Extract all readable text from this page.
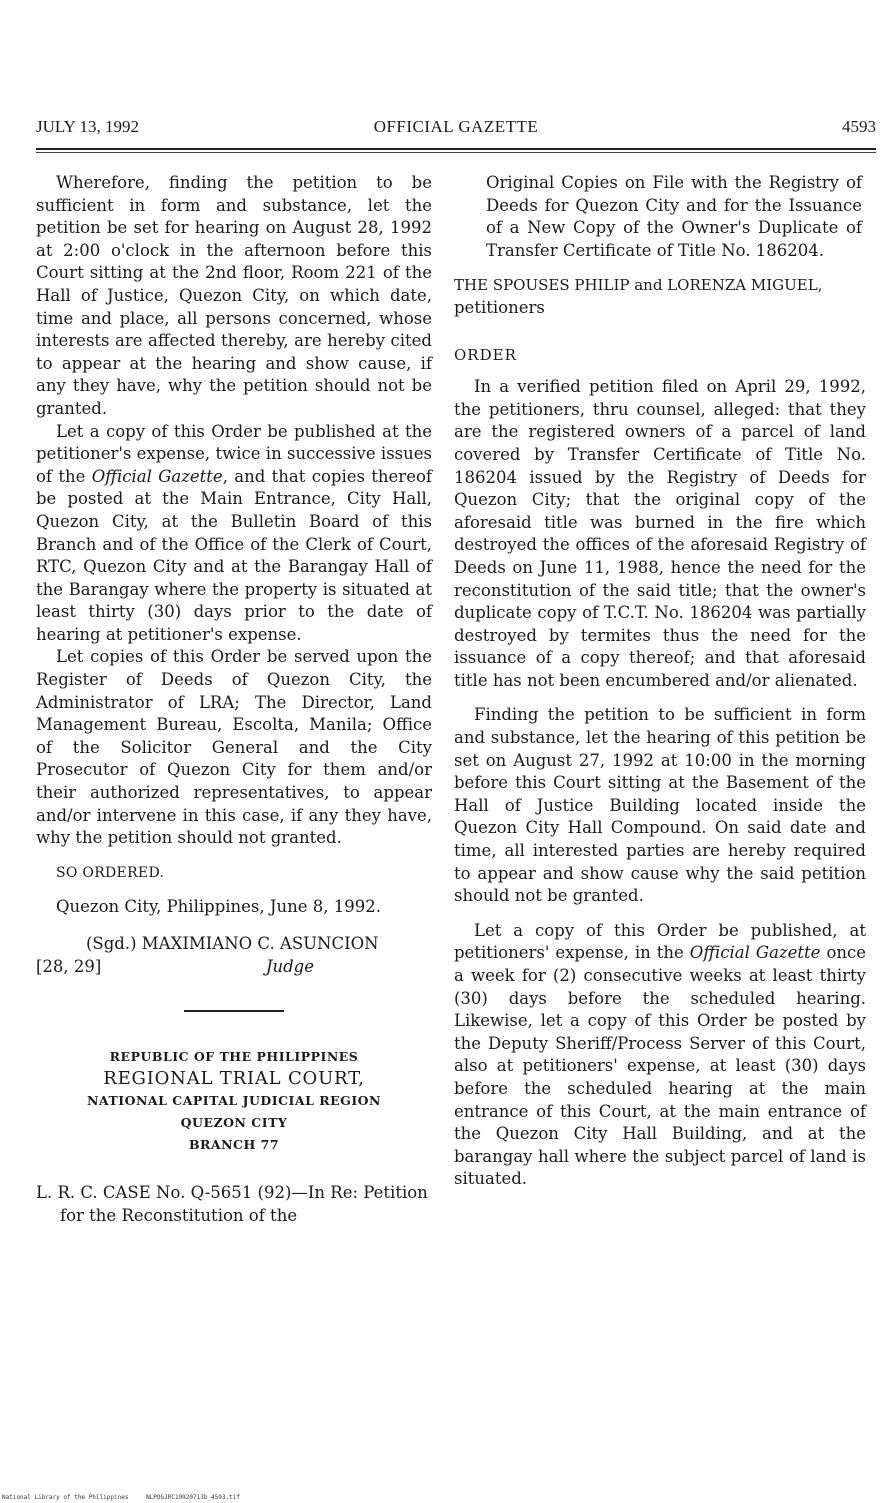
JULY 13, 1992	OFFICIAL GAZETTE	4593

Wherefore, finding the petition to be sufficient in form and substance, let the petition be set for hearing on August 28, 1992 at 2:00 o'clock in the afternoon before this Court sitting at the 2nd floor, Room 221 of the Hall of Justice, Quezon City, on which date, time and place, all persons concerned, whose interests are affected thereby, are hereby cited to appear at the hearing and show cause, if any they have, why the petition should not be granted.

Let a copy of this Order be published at the petitioner's expense, twice in successive issues of the Official Gazette, and that copies thereof be posted at the Main Entrance, City Hall, Quezon City, at the Bulletin Board of this Branch and of the Office of the Clerk of Court, RTC, Quezon City and at the Barangay Hall of the Barangay where the property is situated at least thirty (30) days prior to the date of hearing at petitioner's expense.

Let copies of this Order be served upon the Register of Deeds of Quezon City, the Administrator of LRA; The Director, Land Management Bureau, Escolta, Manila; Office of the Solicitor General and the City Prosecutor of Quezon City for them and/or their authorized representatives, to appear and/or intervene in this case, if any they have, why the petition should not granted.

SO ORDERED.

Quezon City, Philippines, June 8, 1992.

(Sgd.) MAXIMIANO C. ASUNCION
[28, 29]	Judge
REPUBLIC OF THE PHILIPPINES
REGIONAL TRIAL COURT,
NATIONAL CAPITAL JUDICIAL REGION
QUEZON CITY
BRANCH 77

L. R. C. CASE No. Q-5651 (92)—In Re: Petition for the Reconstitution of the

Original Copies on File with the Registry of Deeds for Quezon City and for the Issuance of a New Copy of the Owner's Duplicate of Transfer Certificate of Title No. 186204.

THE SPOUSES PHILIP and LORENZA MIGUEL,

petitioners

ORDER

In a verified petition filed on April 29, 1992, the petitioners, thru counsel, alleged: that they are the registered owners of a parcel of land covered by Transfer Certificate of Title No. 186204 issued by the Registry of Deeds for Quezon City; that the original copy of the aforesaid title was burned in the fire which destroyed the offices of the aforesaid Registry of Deeds on June 11, 1988, hence the need for the reconstitution of the said title; that the owner's duplicate copy of T.C.T. No. 186204 was partially destroyed by termites thus the need for the issuance of a copy thereof; and that aforesaid title has not been encumbered and/or alienated.

Finding the petition to be sufficient in form and substance, let the hearing of this petition be set on August 27, 1992 at 10:00 in the morning before this Court sitting at the Basement of the Hall of Justice Building located inside the Quezon City Hall Compound. On said date and time, all interested parties are hereby required to appear and show cause why the said petition should not be granted.

Let a copy of this Order be published, at petitioners' expense, in the Official Gazette once a week for (2) consecutive weeks at least thirty (30) days before the scheduled hearing. Likewise, let a copy of this Order be posted by the Deputy Sheriff/Process Server of this Court, also at petitioners' expense, at least (30) days before the scheduled hearing at the main entrance of this Court, at the main entrance of the Quezon City Hall Building, and at the barangay hall where the subject parcel of land is situated.

National Library of the Philippines	NLPOGJRC19920713b_4593.tif
